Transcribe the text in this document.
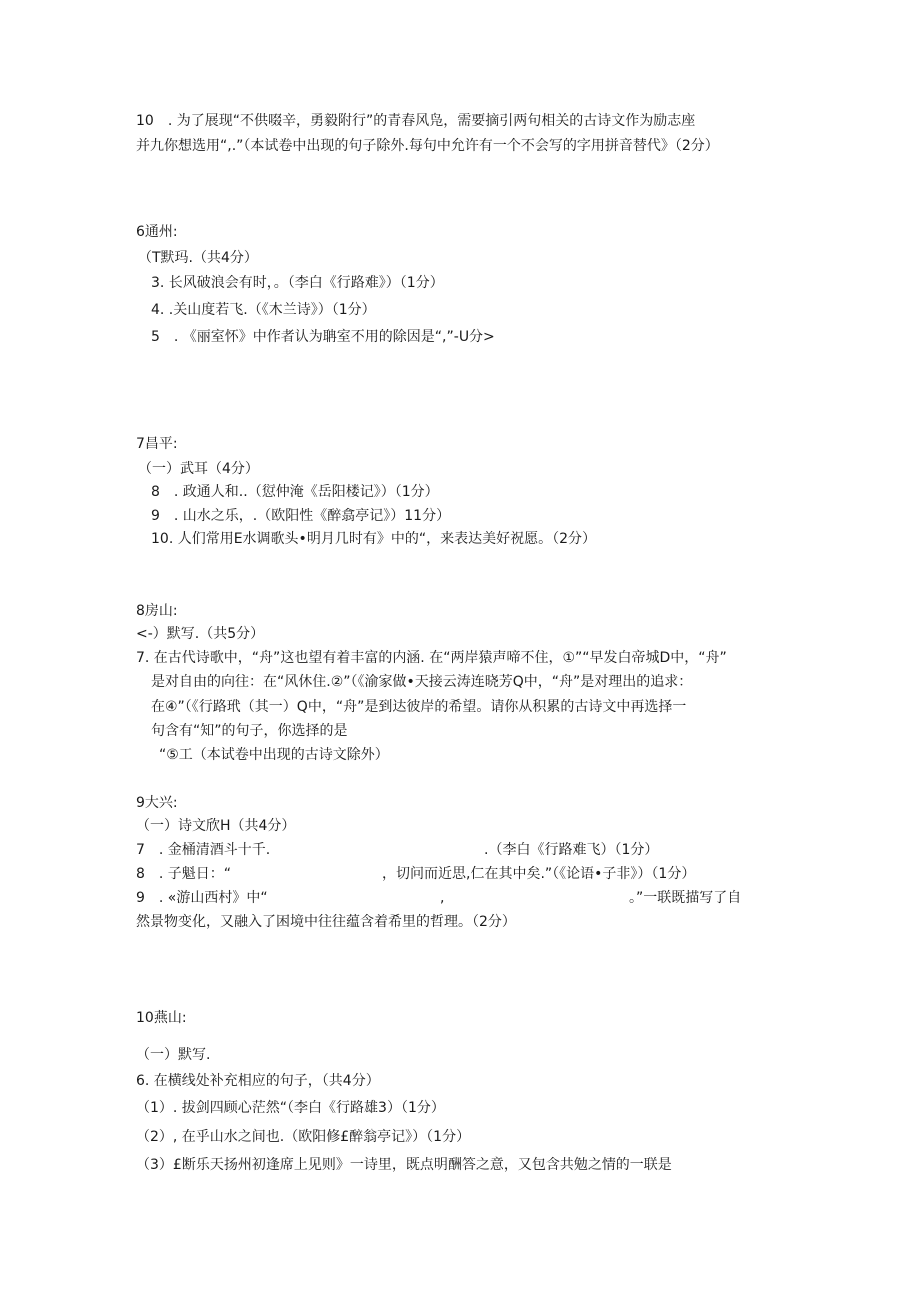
10　. 为了展现“不供啜辛，勇毅附行”的青春风凫，需要摘引两句相关的古诗文作为励志座
并九你想选用“,.”（本试卷中出现的句子除外.每句中允许有一个不会写的字用拼音替代》（2分）
6通州:
（T默玛.（共4分）
3. 长风破浪会有时，。（李白《行路难》）（1分）
4. .关山度若飞.（《木兰诗》）（1分）
5　. 《丽室怀》中作者认为聃室不用的除因是“,”-U分>
7昌平:
（一）武耳（4分）
8　. 政通人和..（愆仲淹《岳阳楼记》）（1分）
9　. 山水之乐，.（欧阳性《醉翕亭记》）11分）
10. 人们常用E水调歌头•明月几时有》中的“，来表达美好祝愿。（2分）
8房山:
<-）默写.（共5分）
7. 在古代诗歌中，“舟”这也望有着丰富的内涵. 在“两岸猿声啼不住，①”“早发白帝城D中，“舟”
是对自由的向往：在“风休住.②”（《渝家做•天接云涛连晓芳Q中，“舟”是对理出的追求：
在④”（《行路玳（其一）Q中，“舟”是到达彼岸的希望。请你从积累的古诗文中再选择一
句含有“知”的句子，你选择的是
“⑤工（本试卷中出现的古诗文除外）
9大兴:
（一）诗文欣H（共4分）
7　. 金桶清酒斗十千.	.（李白《行路难飞）（1分）
8　. 子魁日：“	，切问而近思,仁在其中矣.”（《论语•子非》）（1分）
9　. «游山西村》中“	,	。”一联既描写了自
然景物变化，又融入了困境中往往蕴含着希里的哲理。（2分）
10燕山:
（一）默写.
6. 在横线处补充相应的句子，（共4分）
（1）. 拔剑四顾心茫然“（李白《行路雄3）（1分）
（2）, 在乎山水之间也.（欧阳修£醉翁亭记》）（1分）
（3）£断乐天扬州初逢席上见则》一诗里，既点明酬答之意，又包含共勉之情的一联是
